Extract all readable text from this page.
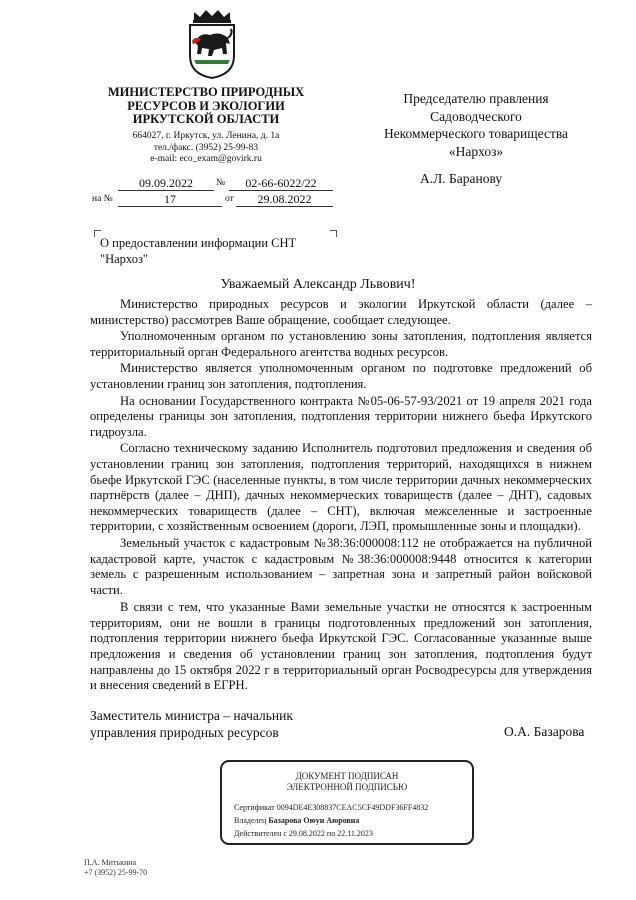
МИНИСТЕРСТВО ПРИРОДНЫХ
РЕСУРСОВ И ЭКОЛОГИИ
ИРКУТСКОЙ ОБЛАСТИ
664027, г. Иркутск, ул. Ленина, д. 1а
тел./факс. (3952) 25-99-83
e-mail: eco_exam@govirk.ru
09.09.2022	№	02-66-6022/22
на №	17	от	29.08.2022
Председателю правления
Садоводческого
Некоммерческого товарищества
«Нархоз»
А.Л. Баранову
О предоставлении информации СНТ
"Нархоз"
Уважаемый Александр Львович!

Министерство природных ресурсов и экологии Иркутской области (далее – министерство) рассмотрев Ваше обращение, сообщает следующее.

Уполномоченным органом по установлению зоны затопления, подтопления является территориальный орган Федерального агентства водных ресурсов.

Министерство является уполномоченным органом по подготовке предложений об установлении границ зон затопления, подтопления.

На основании Государственного контракта №05-06-57-93/2021 от 19 апреля 2021 года определены границы зон затопления, подтопления территории нижнего бьефа Иркутского гидроузла.

Согласно техническому заданию Исполнитель подготовил предложения и сведения об установлении границ зон затопления, подтопления территорий, находящихся в нижнем бьефе Иркутской ГЭС (населенные пункты, в том числе территории дачных некоммерческих партнёрств (далее – ДНП), дачных некоммерческих товариществ (далее – ДНТ), садовых некоммерческих товариществ (далее – СНТ), включая межселенные и застроенные территории, с хозяйственным освоением (дороги, ЛЭП, промышленные зоны и площадки).

Земельный участок с кадастровым №38:36:000008:112 не отображается на публичной кадастровой карте, участок с кадастровым №38:36:000008:9448 относится к категории земель с разрешенным использованием – запретная зона и запретный район войсковой части.

В связи с тем, что указанные Вами земельные участки не относятся к застроенным территориям, они не вошли в границы подготовленных предложений зон затопления, подтопления территории нижнего бьефа Иркутской ГЭС. Согласованные указанные выше предложения и сведения об установлении границ зон затопления, подтопления будут направлены до 15 октября 2022 г в территориальный орган Росводресурсы для утверждения и внесения сведений в ЕГРН.

Заместитель министра – начальник
управления природных ресурсов	О.А. Базарова
ДОКУМЕНТ ПОДПИСАН
ЭЛЕКТРОННОЙ ПОДПИСЬЮ
Сертификат 0094DE4E308837CEAC5CF49DDF36FF4832
Владелец Базарова Оюун Аюровна
Действителен с 29.08.2022 по 22.11.2023
П.А. Митькина
+7 (3952) 25-99-70
